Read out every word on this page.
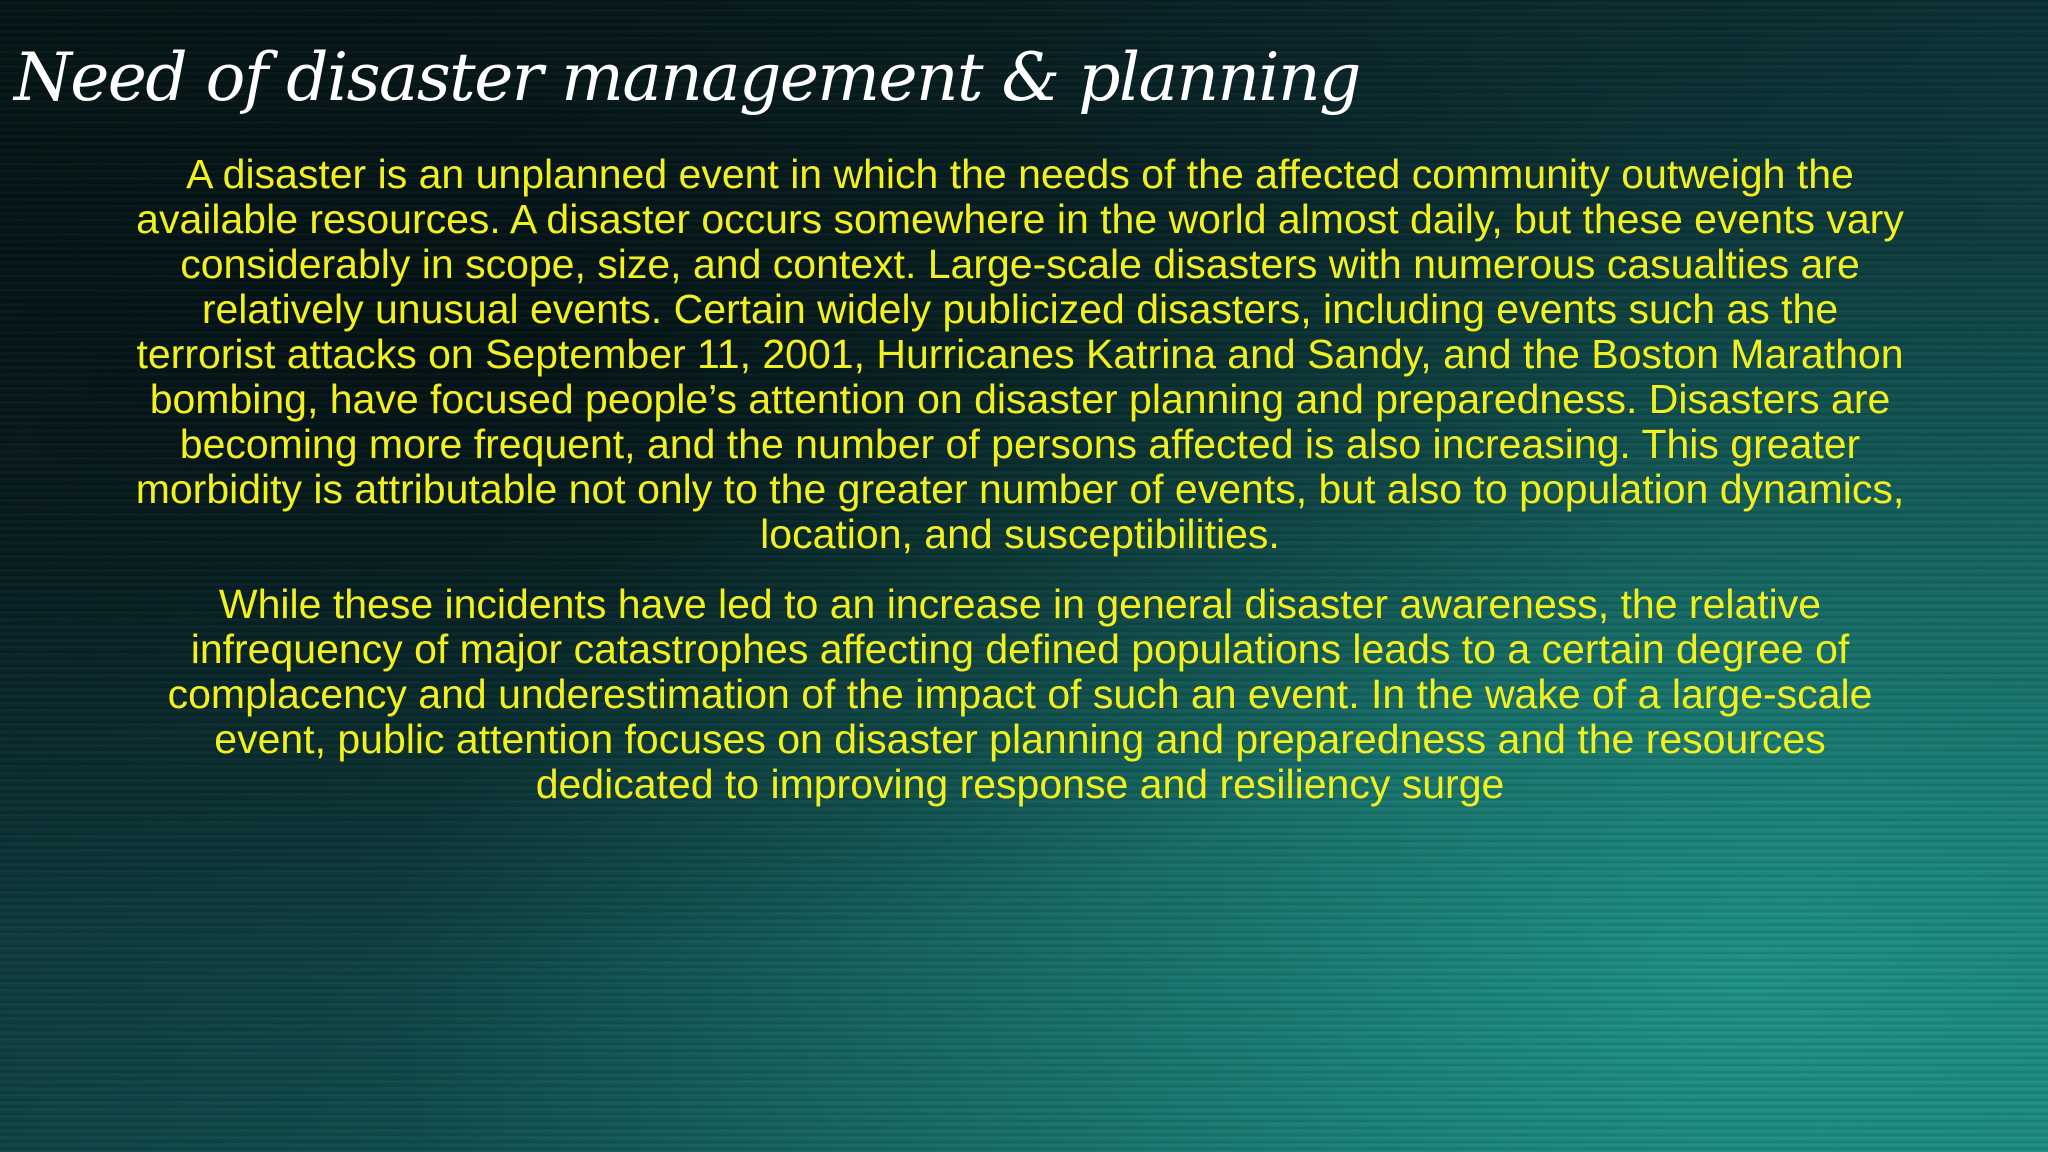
Need of disaster management & planning

A disaster is an unplanned event in which the needs of the affected community outweigh the available resources. A disaster occurs somewhere in the world almost daily, but these events vary considerably in scope, size, and context. Large-scale disasters with numerous casualties are relatively unusual events. Certain widely publicized disasters, including events such as the terrorist attacks on September 11, 2001, Hurricanes Katrina and Sandy, and the Boston Marathon bombing, have focused people’s attention on disaster planning and preparedness. Disasters are becoming more frequent, and the number of persons affected is also increasing. This greater morbidity is attributable not only to the greater number of events, but also to population dynamics, location, and susceptibilities.

While these incidents have led to an increase in general disaster awareness, the relative infrequency of major catastrophes affecting defined populations leads to a certain degree of complacency and underestimation of the impact of such an event. In the wake of a large-scale event, public attention focuses on disaster planning and preparedness and the resources dedicated to improving response and resiliency surge
